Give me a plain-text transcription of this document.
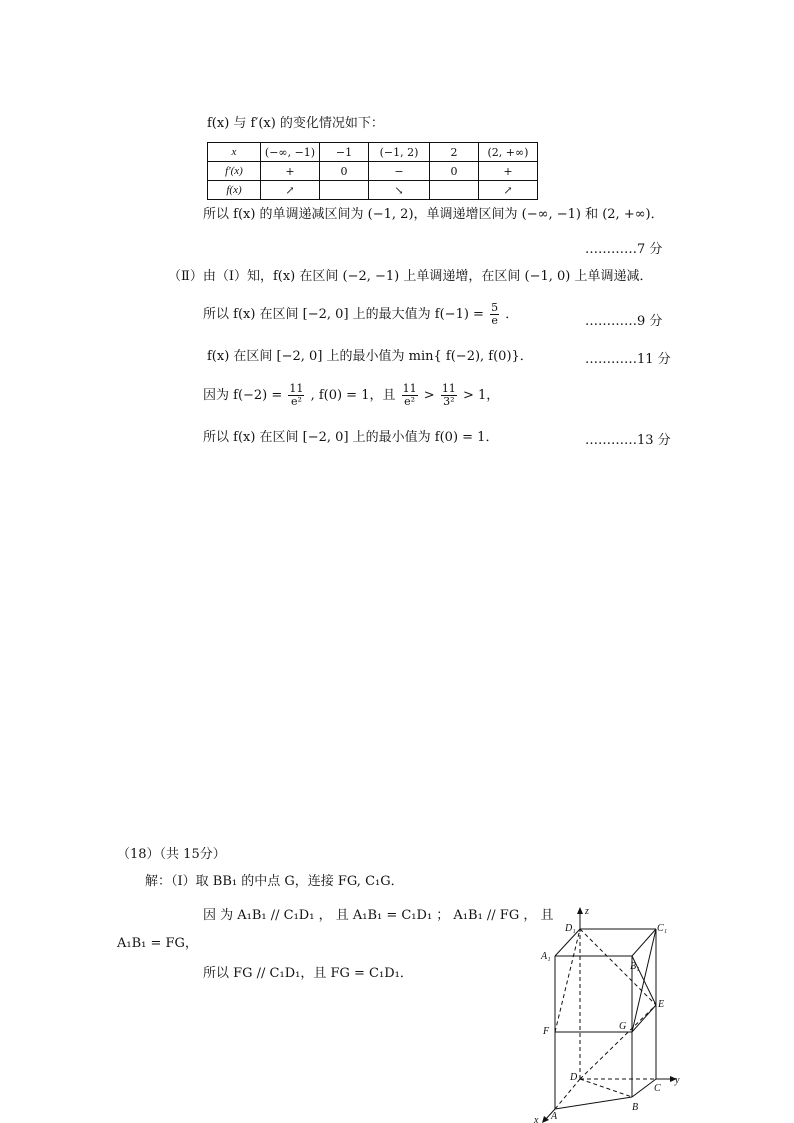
f(x) 与 f′(x) 的变化情况如下：
x	(−∞, −1)	−1	(−1, 2)	2	(2, +∞)
f′(x)	+	0	−	0	+
f(x)	↗		↘		↗
所以 f(x) 的单调递减区间为 (−1, 2)，单调递增区间为 (−∞, −1) 和 (2, +∞)．
…………7 分
（Ⅱ）由（Ⅰ）知，f(x) 在区间 (−2, −1) 上单调递增，在区间 (−1, 0) 上单调递减．
所以 f(x) 在区间 [−2, 0] 上的最大值为 $f(-1) = \frac{5}{e}$ ．	…………9 分
f(x) 在区间 [−2, 0] 上的最小值为 min{ f(−2), f(0)}．	…………11 分
因为 $f(-2) = \frac{11}{\text{e²}}$ , f(0) = 1，且 $\frac{11}{\text{e²}} > \frac{11}{\text{3²}} > 1$，
所以 f(x) 在区间 [−2, 0] 上的最小值为 f(0) = 1．	…………13 分
（18）（共 15分）
解：（Ⅰ）取 BB₁ 的中点 G，连接 FG, C₁G．
因 为 A₁B₁ // C₁D₁ ， 且 A₁B₁ = C₁D₁ ； A₁B₁ // FG ， 且
A₁B₁ = FG，
所以 FG // C₁D₁，且 FG = C₁D₁．
D₁	C₁
A₁
B₁
E
F	G
D
C
A
B
x
y
z
